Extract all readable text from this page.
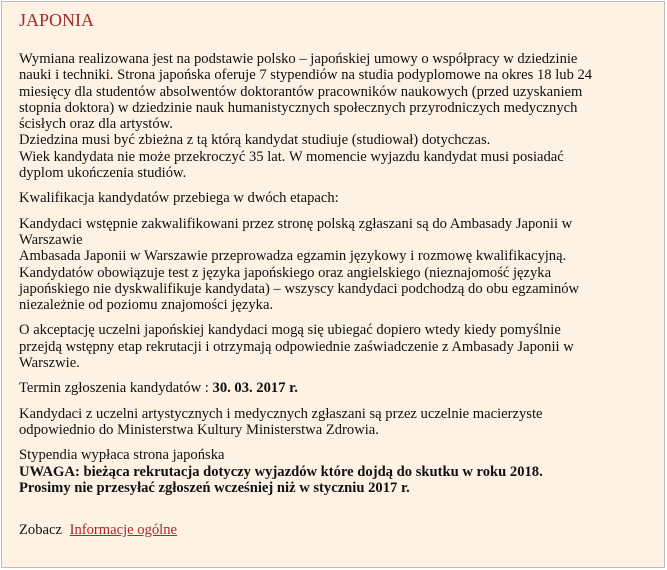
JAPONIA
Wymiana realizowana jest na podstawie polsko – japońskiej umowy o współpracy w dziedzinie
nauki i techniki. Strona japońska oferuje 7 stypendiów na studia podyplomowe na okres 18 lub 24
miesięcy dla studentów absolwentów doktorantów pracowników naukowych (przed uzyskaniem
stopnia doktora) w dziedzinie nauk humanistycznych społecznych przyrodniczych medycznych
ścisłych oraz dla artystów.
Dziedzina musi być zbieżna z tą którą kandydat studiuje (studiował) dotychczas.
Wiek kandydata nie może przekroczyć 35 lat. W momencie wyjazdu kandydat musi posiadać
dyplom ukończenia studiów.
Kwalifikacja kandydatów przebiega w dwóch etapach:
Kandydaci wstępnie zakwalifikowani przez stronę polską zgłaszani są do Ambasady Japonii w
Warszawie
Ambasada Japonii w Warszawie przeprowadza egzamin językowy i rozmowę kwalifikacyjną.
Kandydatów obowiązuje test z języka japońskiego oraz angielskiego (nieznajomość języka
japońskiego nie dyskwalifikuje kandydata) – wszyscy kandydaci podchodzą do obu egzaminów
niezależnie od poziomu znajomości języka.
O akceptację uczelni japońskiej kandydaci mogą się ubiegać dopiero wtedy kiedy pomyślnie
przejdą wstępny etap rekrutacji i otrzymają odpowiednie zaświadczenie z Ambasady Japonii w
Warszwie.
Termin zgłoszenia kandydatów : 30. 03. 2017 r.
Kandydaci z uczelni artystycznych i medycznych zgłaszani są przez uczelnie macierzyste
odpowiednio do Ministerstwa Kultury Ministerstwa Zdrowia.
Stypendia wypłaca strona japońska
UWAGA: bieżąca rekrutacja dotyczy wyjazdów które dojdą do skutku w roku 2018.
Prosimy nie przesyłać zgłoszeń wcześniej niż w styczniu 2017 r.
Zobacz Informacje ogólne
